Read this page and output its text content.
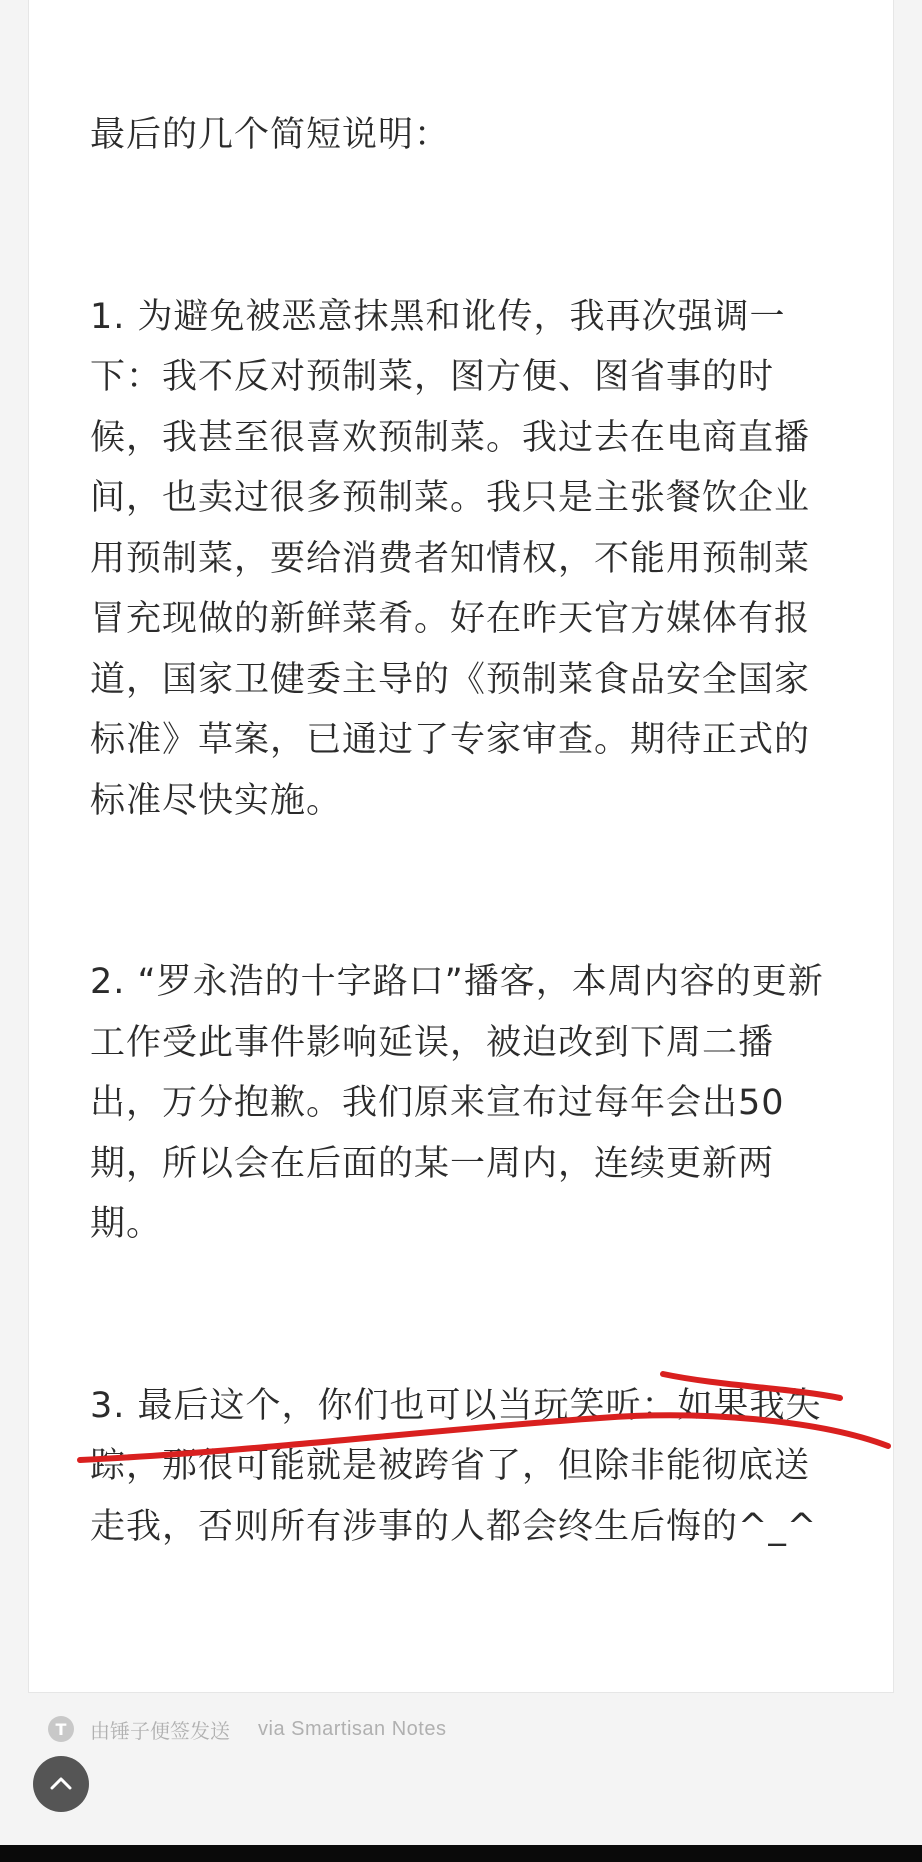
最后的几个简短说明：

1. 为避免被恶意抹黑和讹传，我再次强调一下：我不反对预制菜，图方便、图省事的时候，我甚至很喜欢预制菜。我过去在电商直播间，也卖过很多预制菜。我只是主张餐饮企业用预制菜，要给消费者知情权，不能用预制菜冒充现做的新鲜菜肴。好在昨天官方媒体有报道，国家卫健委主导的《预制菜食品安全国家标准》草案，已通过了专家审查。期待正式的标准尽快实施。

2. “罗永浩的十字路口”播客，本周内容的更新工作受此事件影响延误，被迫改到下周二播出，万分抱歉。我们原来宣布过每年会出50期，所以会在后面的某一周内，连续更新两期。

3. 最后这个，你们也可以当玩笑听：如果我失踪，那很可能就是被跨省了，但除非能彻底送走我，否则所有涉事的人都会终生后悔的^_^

T	由锤子便签发送 via Smartisan Notes
